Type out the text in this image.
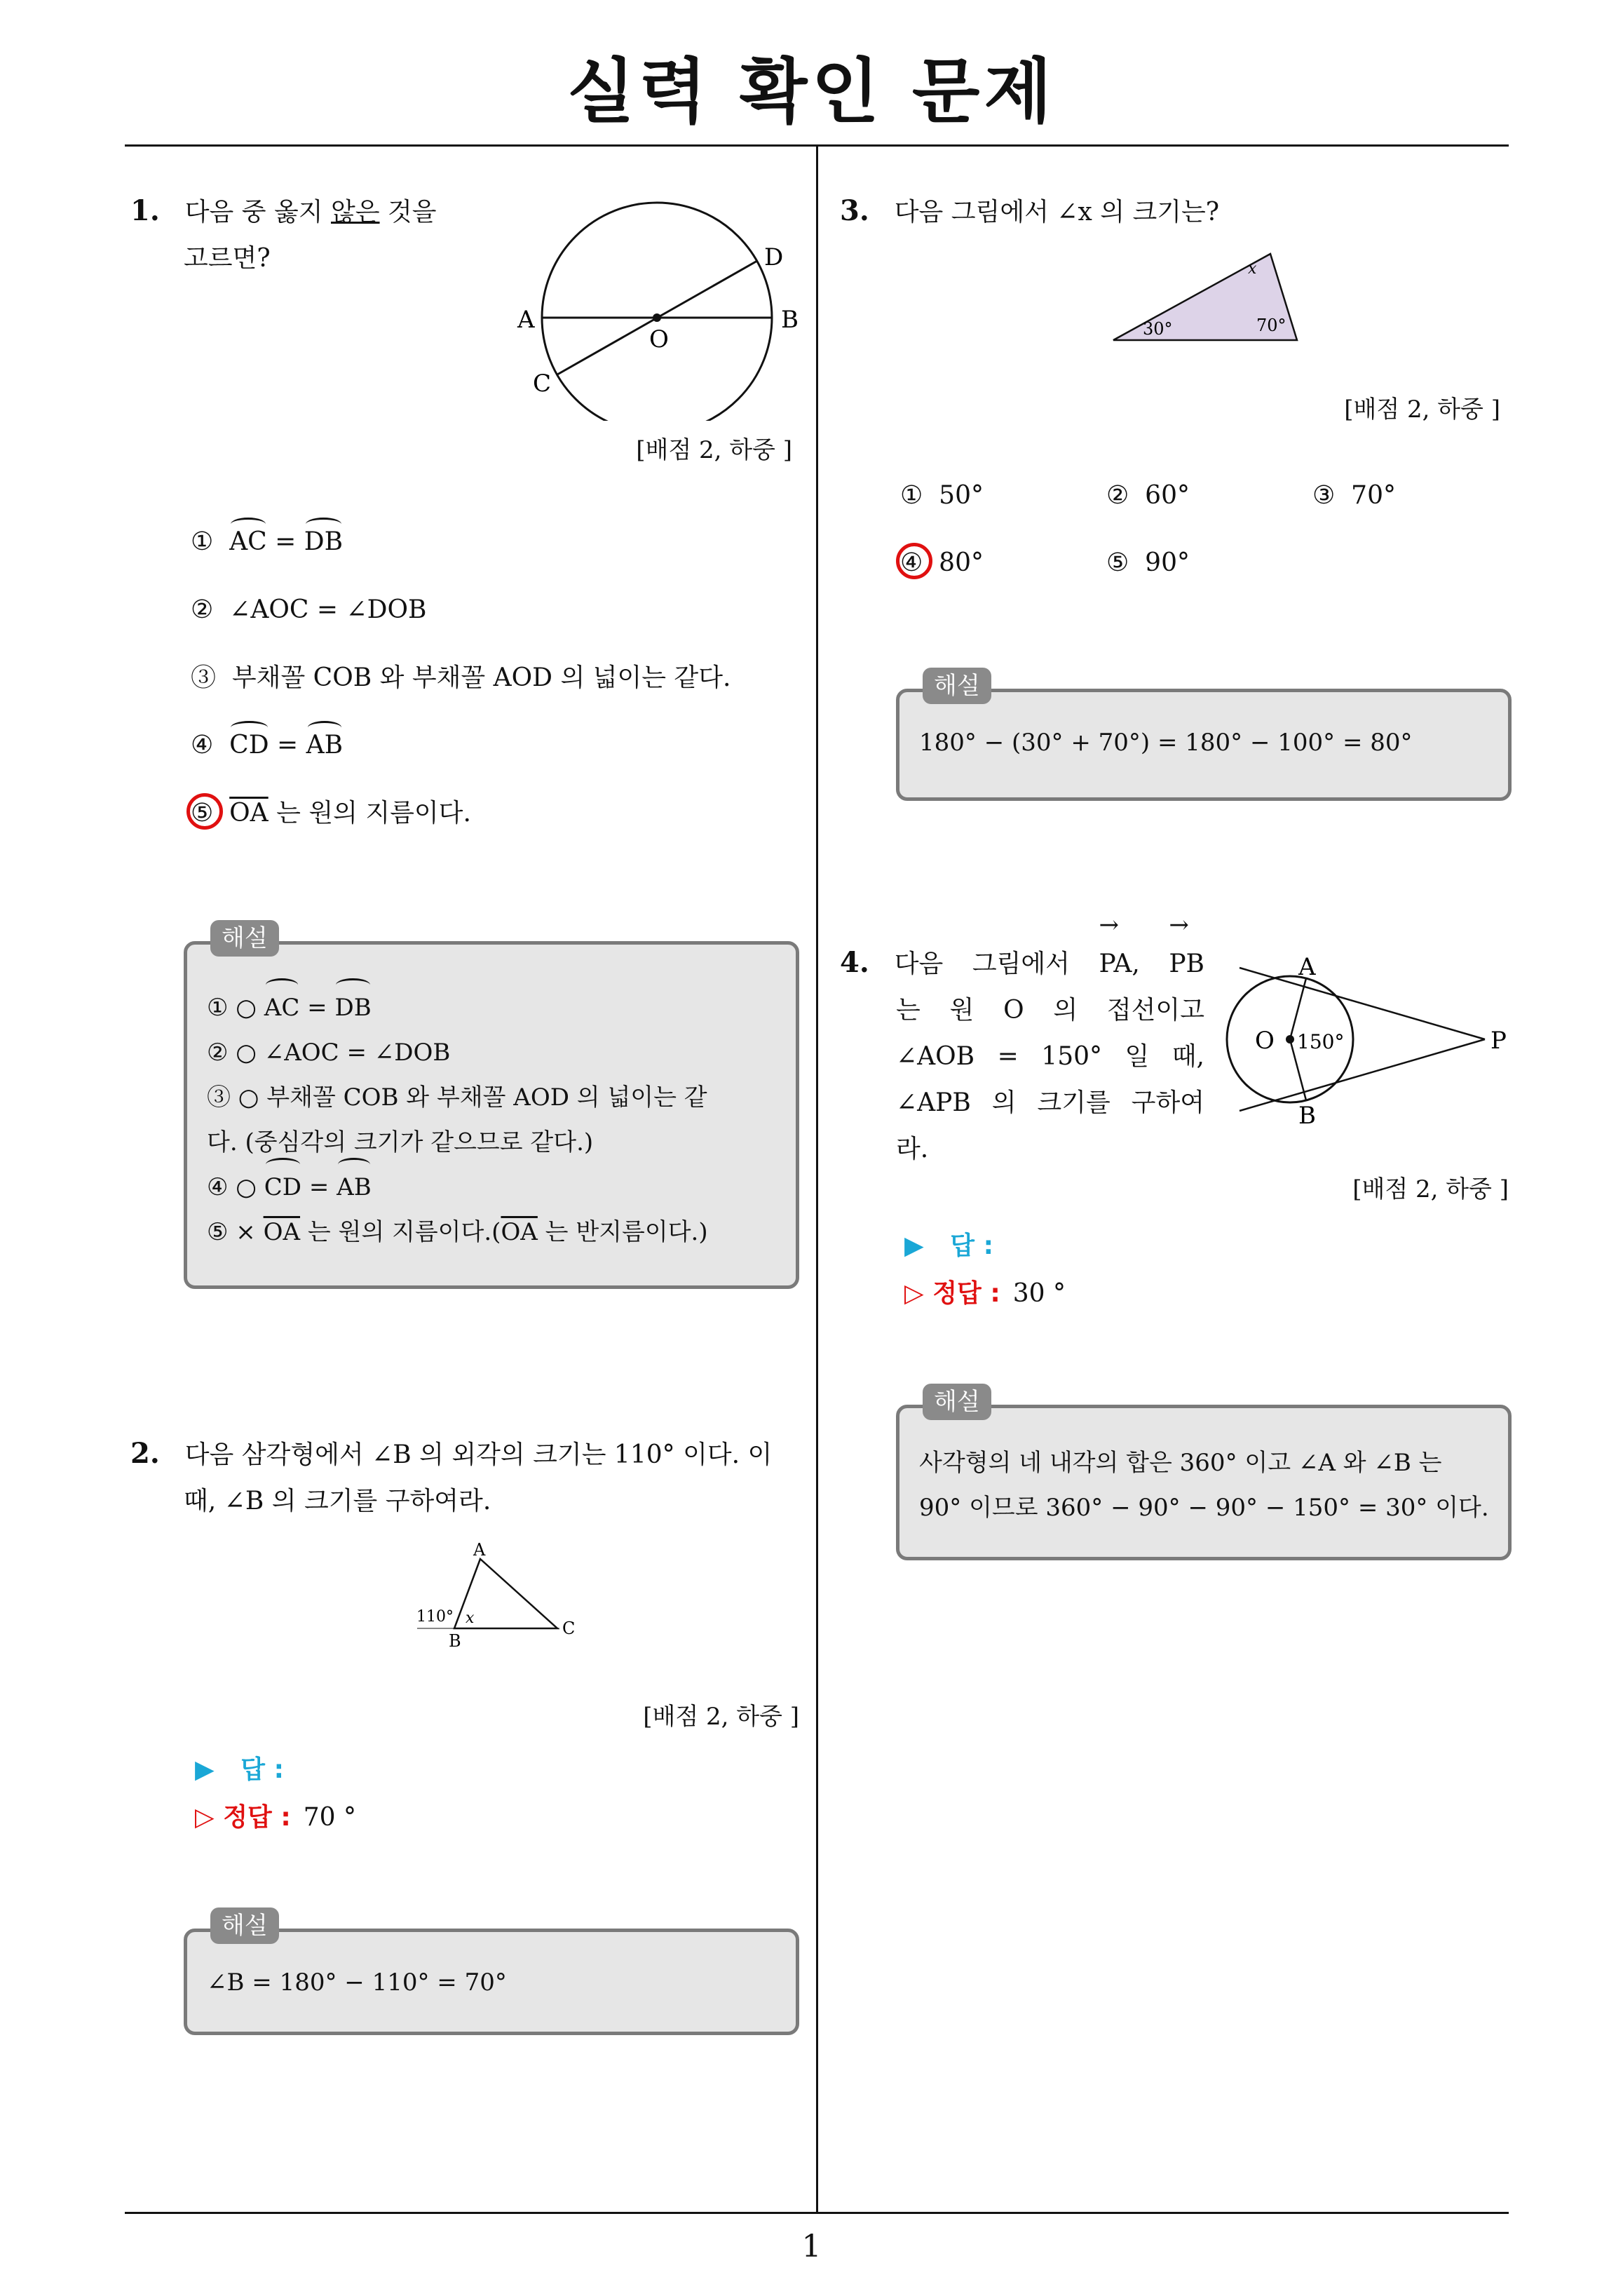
실력 확인 문제
1
1. 다음 중 옳지 않은 것을
고르면?
A	B
C
D
O
[배점 2, 하중 ]
① AC = DB
② ∠AOC = ∠DOB
③ 부채꼴 COB 와 부채꼴 AOD 의 넓이는 같다.
④ CD = AB
⑤ $\overline{OA}$ 는 원의 지름이다.
① ○ AC = DB
② ○ ∠AOC = ∠DOB
③ ○ 부채꼴 COB 와 부채꼴 AOD 의 넓이는 같
다. (중심각의 크기가 같으므로 같다.)
④ ○ CD = AB
⑤ × $\overline{OA}$ 는 원의 지름이다$.(\overline{OA}$ 는 반지름이다.)
해설
2. 다음 삼각형에서 ∠B 의 외각의 크기는 110° 이다. 이
때, ∠B 의 크기를 구하여라.
A
B
C
110° x
[배점 2, 하중 ]
▶ 답 :
▷ 정답 : 70 °
∠B = 180° − 110° = 70°
해설
3. 다음 그림에서 ∠x 의 크기는?
30°	70°
x
[배점 2, 하중 ]
① 50°	② 60°	③ 70°
④ 80°	⑤ 90°
180° − (30° + 70°) = 180° − 100° = 80°
해설
4. 다음 그림에서 PA →, PB →
는 원 O 의 접선이고
∠AOB = 150° 일 때,
∠APB 의 크기를 구하여
라.
A
B
O	P
150°
[배점 2, 하중 ]
▶ 답 :
▷ 정답 : 30 °
사각형의 네 내각의 합은 360° 이고 ∠A 와 ∠B 는
90° 이므로 360° − 90° − 90° − 150° = 30° 이다.
해설
